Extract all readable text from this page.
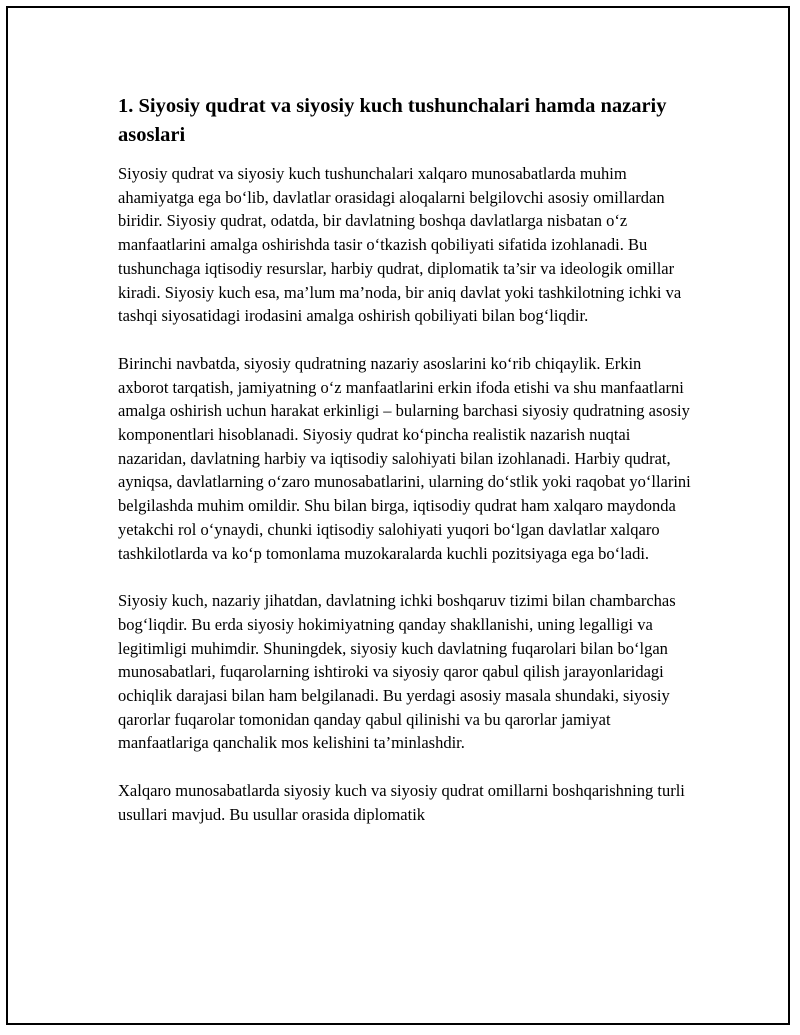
1. Siyosiy qudrat va siyosiy kuch tushunchalari hamda nazariy asoslari

Siyosiy qudrat va siyosiy kuch tushunchalari xalqaro munosabatlarda muhim ahamiyatga ega bo‘lib, davlatlar orasidagi aloqalarni belgilovchi asosiy omillardan biridir. Siyosiy qudrat, odatda, bir davlatning boshqa davlatlarga nisbatan o‘z manfaatlarini amalga oshirishda tasir o‘tkazish qobiliyati sifatida izohlanadi. Bu tushunchaga iqtisodiy resurslar, harbiy qudrat, diplomatik ta’sir va ideologik omillar kiradi. Siyosiy kuch esa, ma’lum ma’noda, bir aniq davlat yoki tashkilotning ichki va tashqi siyosatidagi irodasini amalga oshirish qobiliyati bilan bog‘liqdir.

Birinchi navbatda, siyosiy qudratning nazariy asoslarini ko‘rib chiqaylik. Erkin axborot tarqatish, jamiyatning o‘z manfaatlarini erkin ifoda etishi va shu manfaatlarni amalga oshirish uchun harakat erkinligi – bularning barchasi siyosiy qudratning asosiy komponentlari hisoblanadi. Siyosiy qudrat ko‘pincha realistik nazarish nuqtai nazaridan, davlatning harbiy va iqtisodiy salohiyati bilan izohlanadi. Harbiy qudrat, ayniqsa, davlatlarning o‘zaro munosabatlarini, ularning do‘stlik yoki raqobat yo‘llarini belgilashda muhim omildir. Shu bilan birga, iqtisodiy qudrat ham xalqaro maydonda yetakchi rol o‘ynaydi, chunki iqtisodiy salohiyati yuqori bo‘lgan davlatlar xalqaro tashkilotlarda va ko‘p tomonlama muzokaralarda kuchli pozitsiyaga ega bo‘ladi.

Siyosiy kuch, nazariy jihatdan, davlatning ichki boshqaruv tizimi bilan chambarchas bog‘liqdir. Bu erda siyosiy hokimiyatning qanday shakllanishi, uning legalligi va legitimligi muhimdir. Shuningdek, siyosiy kuch davlatning fuqarolari bilan bo‘lgan munosabatlari, fuqarolarning ishtiroki va siyosiy qaror qabul qilish jarayonlaridagi ochiqlik darajasi bilan ham belgilanadi. Bu yerdagi asosiy masala shundaki, siyosiy qarorlar fuqarolar tomonidan qanday qabul qilinishi va bu qarorlar jamiyat manfaatlariga qanchalik mos kelishini ta’minlashdir.

Xalqaro munosabatlarda siyosiy kuch va siyosiy qudrat omillarni boshqarishning turli usullari mavjud. Bu usullar orasida diplomatik
